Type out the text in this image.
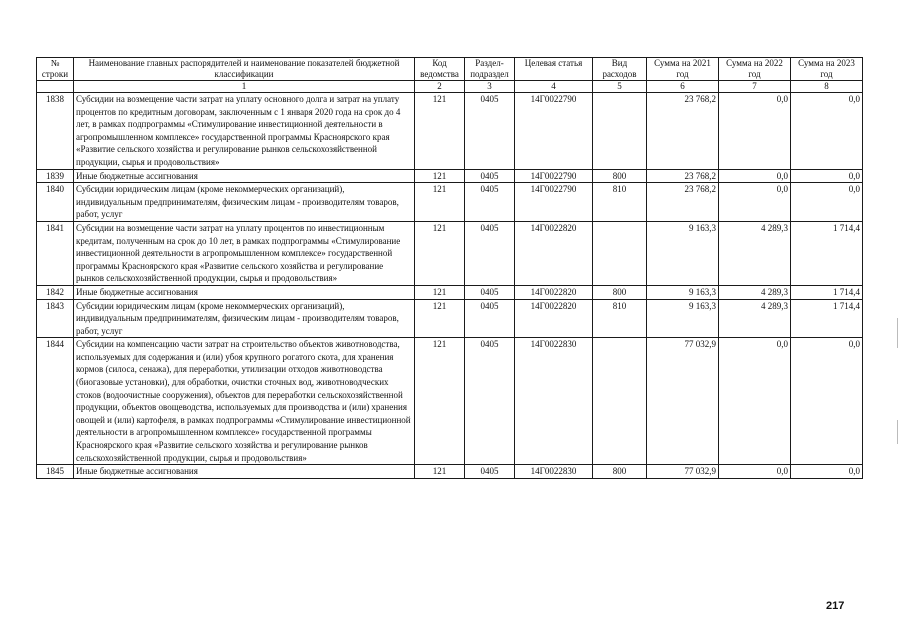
№ строки	Наименование главных распорядителей и наименование показателей бюджетной классификации	Код ведомства	Раздел- подраздел	Целевая статья	Вид расходов	Сумма на 2021 год	Сумма на 2022 год	Сумма на 2023 год
	1	2	3	4	5	6	7	8
1838	Субсидии на возмещение части затрат на уплату основного долга и затрат на уплату процентов по кредитным договорам, заключенным с 1 января 2020 года на срок до 4 лет, в рамках подпрограммы «Стимулирование инвестиционной деятельности в агропромышленном комплексе» государственной программы Красноярского края «Развитие сельского хозяйства и регулирование рынков сельскохозяйственной продукции, сырья и продовольствия»	121	0405	14Г0022790		23 768,2	0,0	0,0
1839	Иные бюджетные ассигнования	121	0405	14Г0022790	800	23 768,2	0,0	0,0
1840	Субсидии юридическим лицам (кроме некоммерческих организаций), индивидуальным предпринимателям, физическим лицам - производителям товаров, работ, услуг	121	0405	14Г0022790	810	23 768,2	0,0	0,0
1841	Субсидии на возмещение части затрат на уплату процентов по инвестиционным кредитам, полученным на срок до 10 лет, в рамках подпрограммы «Стимулирование инвестиционной деятельности в агропромышленном комплексе» государственной программы Красноярского края «Развитие сельского хозяйства и регулирование рынков сельскохозяйственной продукции, сырья и продовольствия»	121	0405	14Г0022820		9 163,3	4 289,3	1 714,4
1842	Иные бюджетные ассигнования	121	0405	14Г0022820	800	9 163,3	4 289,3	1 714,4
1843	Субсидии юридическим лицам (кроме некоммерческих организаций), индивидуальным предпринимателям, физическим лицам - производителям товаров, работ, услуг	121	0405	14Г0022820	810	9 163,3	4 289,3	1 714,4
1844	Субсидии на компенсацию части затрат на строительство объектов животноводства, используемых для содержания и (или) убоя крупного рогатого скота, для хранения кормов (силоса, сенажа), для переработки, утилизации отходов животноводства (биогазовые установки), для обработки, очистки сточных вод, животноводческих стоков (водоочистные сооружения), объектов для переработки сельскохозяйственной продукции, объектов овощеводства, используемых для производства и (или) хранения овощей и (или) картофеля, в рамках подпрограммы «Стимулирование инвестиционной деятельности в агропромышленном комплексе» государственной программы Красноярского края «Развитие сельского хозяйства и регулирование рынков сельскохозяйственной продукции, сырья и продовольствия»	121	0405	14Г0022830		77 032,9	0,0	0,0
1845	Иные бюджетные ассигнования	121	0405	14Г0022830	800	77 032,9	0,0	0,0
217
